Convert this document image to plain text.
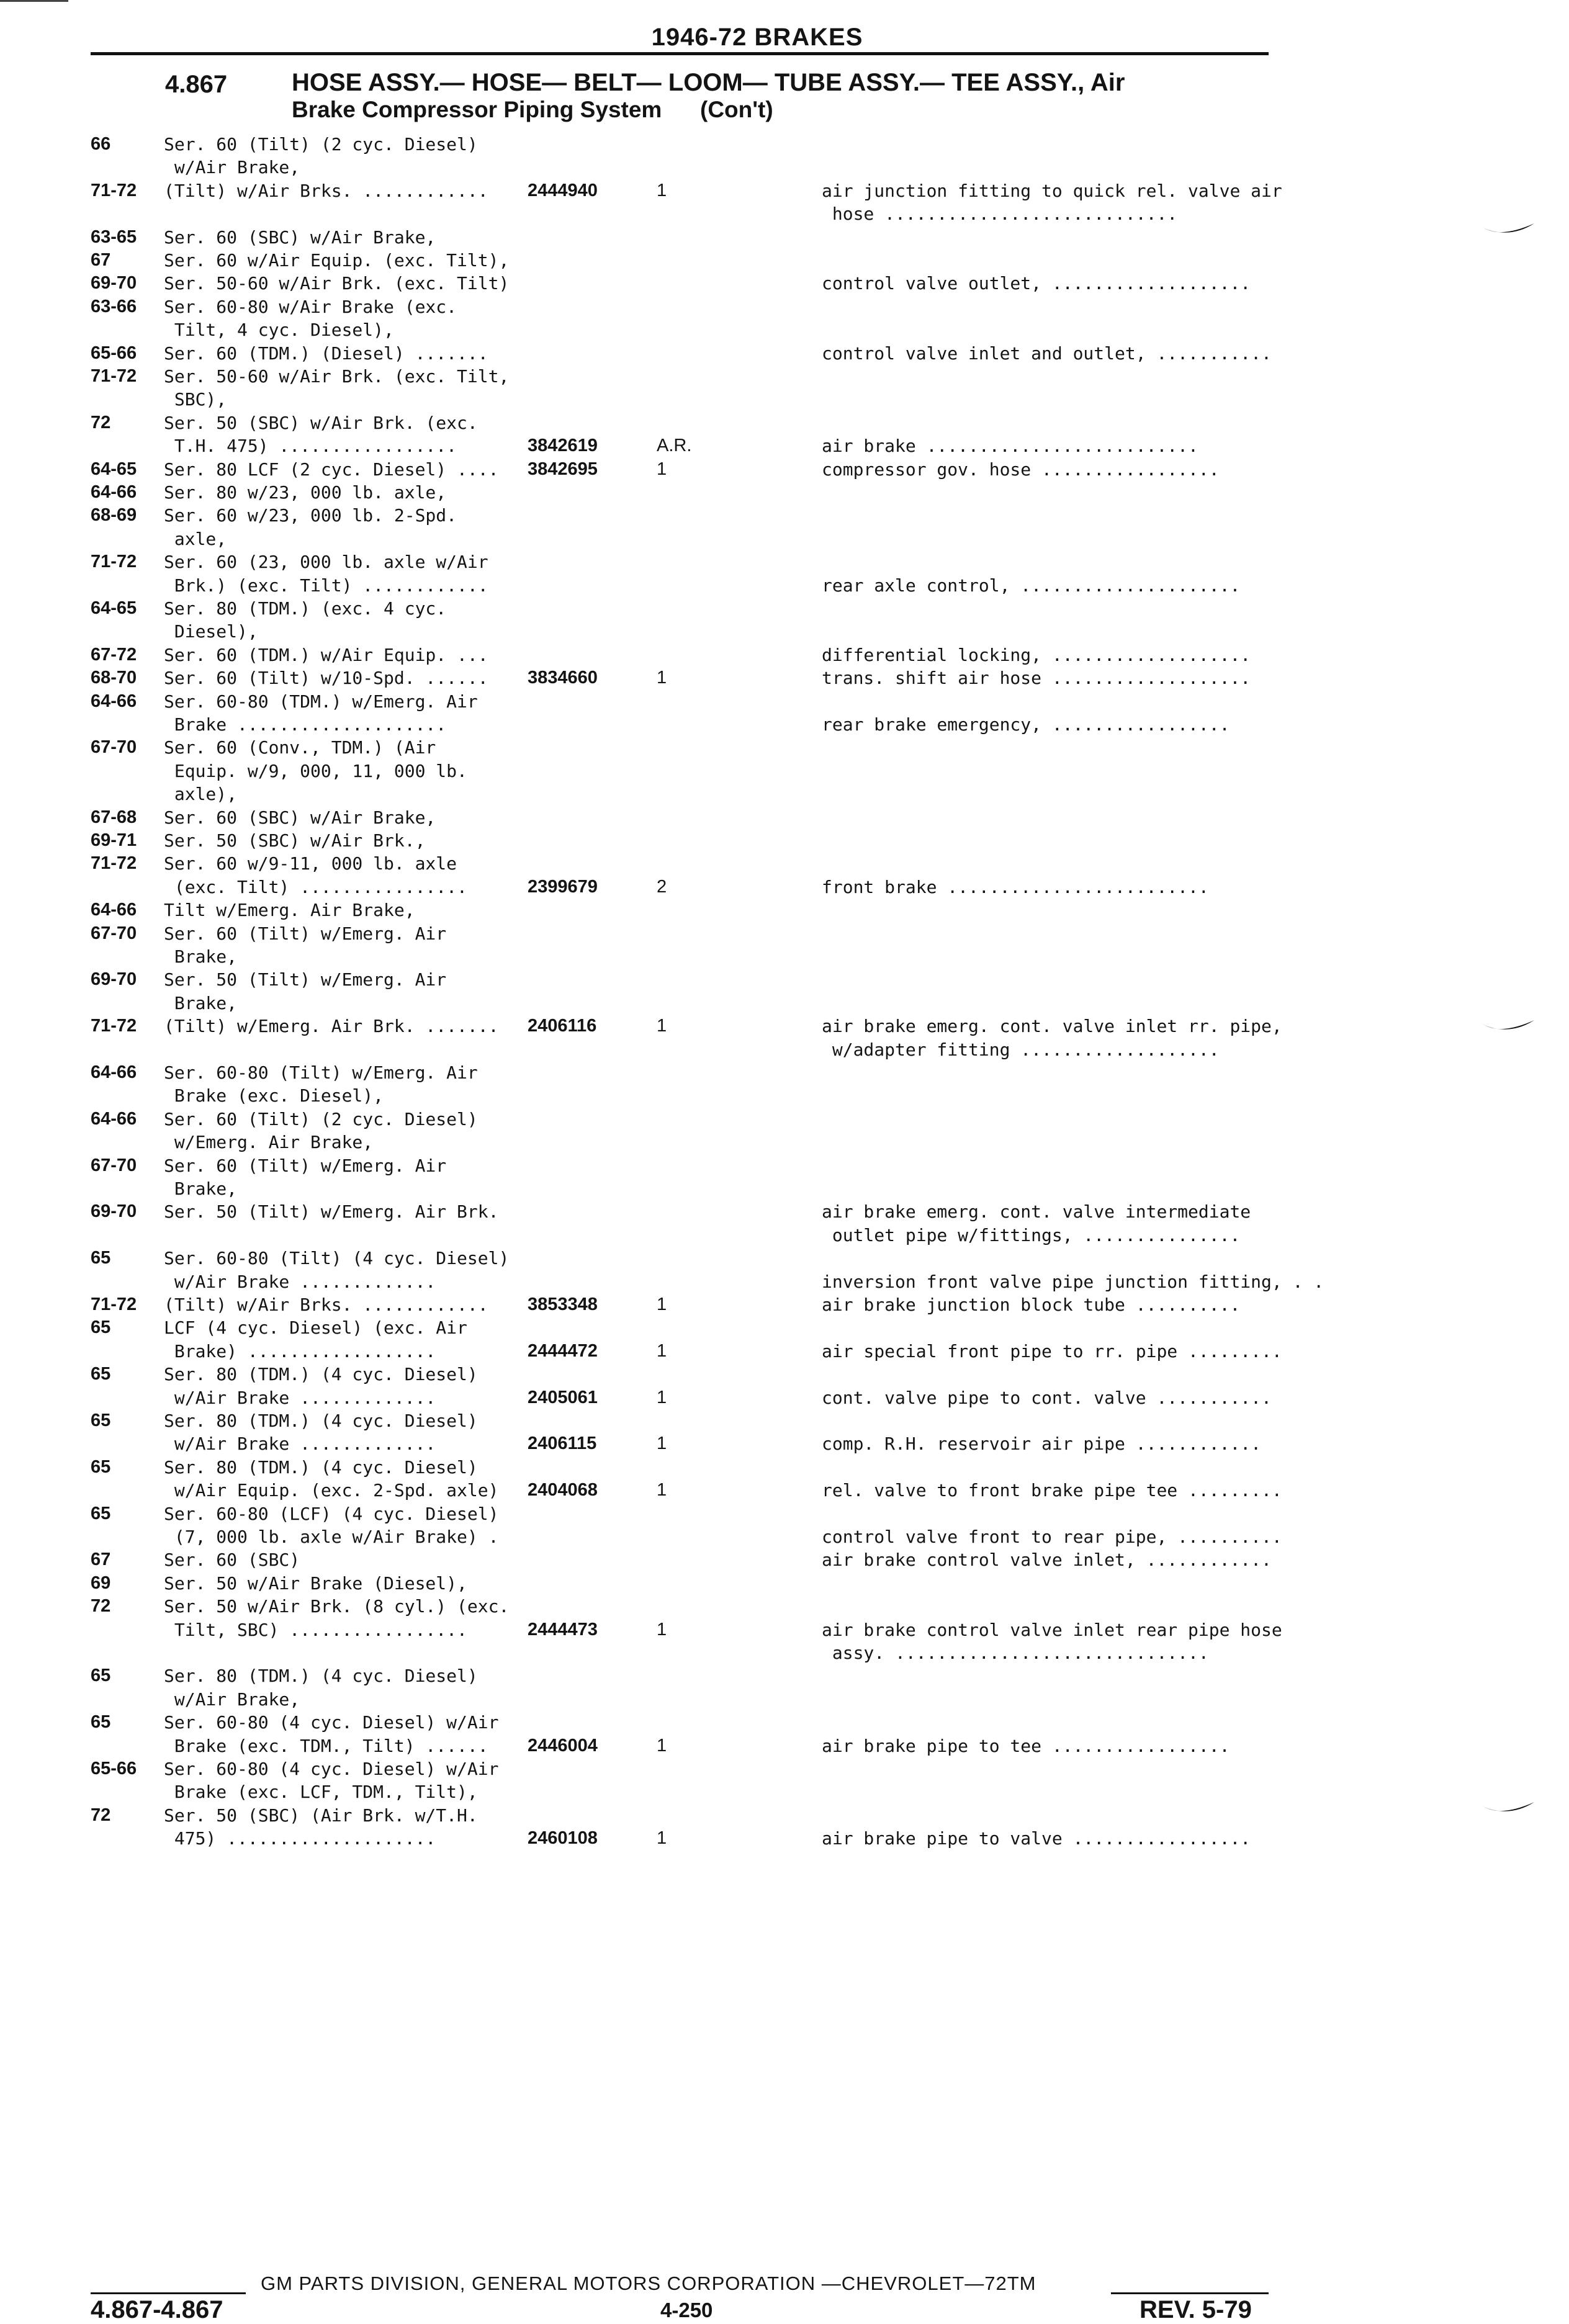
1946-72 BRAKES
4.867	HOSE ASSY.— HOSE— BELT— LOOM— TUBE ASSY.— TEE ASSY., Air
Brake Compressor Piping System      (Con't)
66	Ser. 60 (Tilt) (2 cyc. Diesel)
w/Air Brake,
71-72 (Tilt) w/Air Brks. ............	2444940	1	air junction fitting to quick rel. valve air
hose ............................
63-65 Ser. 60 (SBC) w/Air Brake,
67	Ser. 60 w/Air Equip. (exc. Tilt),
69-70 Ser. 50-60 w/Air Brk. (exc. Tilt)	control valve outlet, ...................
63-66 Ser. 60-80 w/Air Brake (exc.
Tilt, 4 cyc. Diesel),
65-66 Ser. 60 (TDM.) (Diesel) .......	control valve inlet and outlet, ...........
71-72 Ser. 50-60 w/Air Brk. (exc. Tilt,
SBC),
72	Ser. 50 (SBC) w/Air Brk. (exc.
T.H. 475) .................	3842619	A.R.	air brake ..........................
64-65 Ser. 80 LCF (2 cyc. Diesel) .... 3842695	1	compressor gov. hose .................
64-66 Ser. 80 w/23, 000 lb. axle,
68-69 Ser. 60 w/23, 000 lb. 2-Spd.
axle,
71-72 Ser. 60 (23, 000 lb. axle w/Air
Brk.) (exc. Tilt) ............	rear axle control, .....................
64-65 Ser. 80 (TDM.) (exc. 4 cyc.
Diesel),
67-72 Ser. 60 (TDM.) w/Air Equip. ...	differential locking, ...................
68-70 Ser. 60 (Tilt) w/10-Spd. ......	3834660	1	trans. shift air hose ...................
64-66 Ser. 60-80 (TDM.) w/Emerg. Air
Brake ....................	rear brake emergency, .................
67-70 Ser. 60 (Conv., TDM.) (Air
Equip. w/9, 000, 11, 000 lb.
axle),
67-68 Ser. 60 (SBC) w/Air Brake,
69-71 Ser. 50 (SBC) w/Air Brk.,
71-72 Ser. 60 w/9-11, 000 lb. axle
(exc. Tilt) ................	2399679	2	front brake .........................
64-66 Tilt w/Emerg. Air Brake,
67-70 Ser. 60 (Tilt) w/Emerg. Air
Brake,
69-70 Ser. 50 (Tilt) w/Emerg. Air
Brake,
71-72 (Tilt) w/Emerg. Air Brk. ....... 2406116	1	air brake emerg. cont. valve inlet rr. pipe,
w/adapter fitting ...................
64-66 Ser. 60-80 (Tilt) w/Emerg. Air
Brake (exc. Diesel),
64-66 Ser. 60 (Tilt) (2 cyc. Diesel)
w/Emerg. Air Brake,
67-70 Ser. 60 (Tilt) w/Emerg. Air
Brake,
69-70 Ser. 50 (Tilt) w/Emerg. Air Brk.	air brake emerg. cont. valve intermediate
outlet pipe w/fittings, ...............
65	Ser. 60-80 (Tilt) (4 cyc. Diesel)
w/Air Brake .............	inversion front valve pipe junction fitting, . .
71-72 (Tilt) w/Air Brks. ............	3853348	1	air brake junction block tube ..........
65	LCF (4 cyc. Diesel) (exc. Air
Brake) ..................	2444472	1	air special front pipe to rr. pipe .........
65	Ser. 80 (TDM.) (4 cyc. Diesel)
w/Air Brake .............	2405061	1	cont. valve pipe to cont. valve ...........
65	Ser. 80 (TDM.) (4 cyc. Diesel)
w/Air Brake .............	2406115	1	comp. R.H. reservoir air pipe ............
65	Ser. 80 (TDM.) (4 cyc. Diesel)
w/Air Equip. (exc. 2-Spd. axle) 2404068	1	rel. valve to front brake pipe tee .........
65	Ser. 60-80 (LCF) (4 cyc. Diesel)
(7, 000 lb. axle w/Air Brake) .	control valve front to rear pipe, ..........
67	Ser. 60 (SBC)	air brake control valve inlet, ............
69	Ser. 50 w/Air Brake (Diesel),
72	Ser. 50 w/Air Brk. (8 cyl.) (exc.
Tilt, SBC) .................	2444473	1	air brake control valve inlet rear pipe hose
assy. ..............................
65	Ser. 80 (TDM.) (4 cyc. Diesel)
w/Air Brake,
65	Ser. 60-80 (4 cyc. Diesel) w/Air
Brake (exc. TDM., Tilt) ......	2446004	1	air brake pipe to tee .................
65-66 Ser. 60-80 (4 cyc. Diesel) w/Air
Brake (exc. LCF, TDM., Tilt),
72	Ser. 50 (SBC) (Air Brk. w/T.H.
475) ....................	2460108	1	air brake pipe to valve .................
GM PARTS DIVISION, GENERAL MOTORS CORPORATION —CHEVROLET—72TM
4.867-4.867	4-250	REV. 5-79
